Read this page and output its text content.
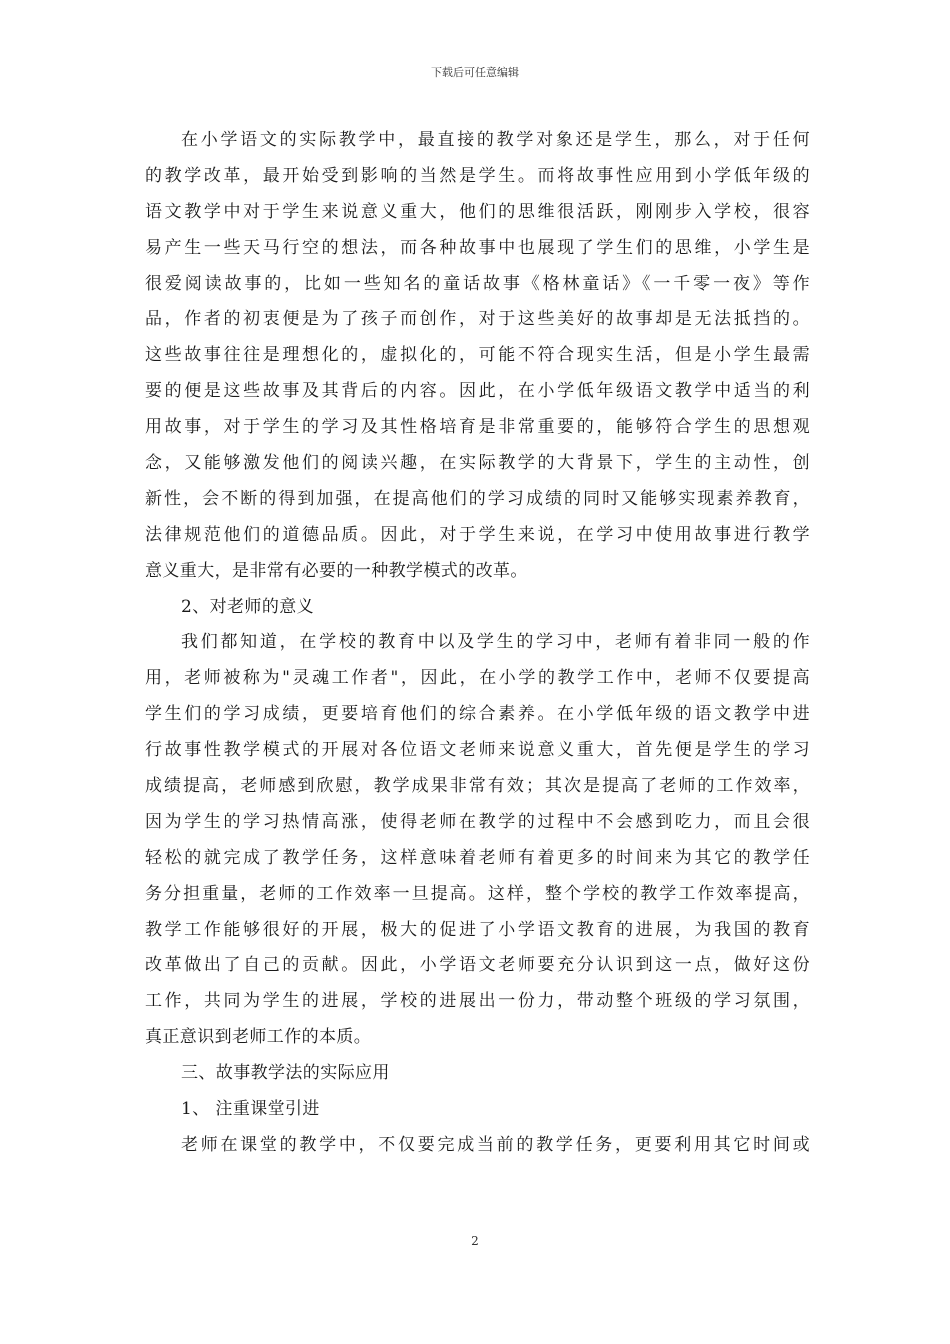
下载后可任意编辑
在小学语文的实际教学中，最直接的教学对象还是学生，那么，对于任何
的教学改革，最开始受到影响的当然是学生。而将故事性应用到小学低年级的
语文教学中对于学生来说意义重大，他们的思维很活跃，刚刚步入学校，很容
易产生一些天马行空的想法，而各种故事中也展现了学生们的思维，小学生是
很爱阅读故事的，比如一些知名的童话故事《格林童话》《一千零一夜》等作
品，作者的初衷便是为了孩子而创作，对于这些美好的故事却是无法抵挡的。
这些故事往往是理想化的，虚拟化的，可能不符合现实生活，但是小学生最需
要的便是这些故事及其背后的内容。因此，在小学低年级语文教学中适当的利
用故事，对于学生的学习及其性格培育是非常重要的，能够符合学生的思想观
念，又能够激发他们的阅读兴趣，在实际教学的大背景下，学生的主动性，创
新性，会不断的得到加强，在提高他们的学习成绩的同时又能够实现素养教育，
法律规范他们的道德品质。因此，对于学生来说，在学习中使用故事进行教学
意义重大，是非常有必要的一种教学模式的改革。
2、对老师的意义
我们都知道，在学校的教育中以及学生的学习中，老师有着非同一般的作
用，老师被称为"灵魂工作者"，因此，在小学的教学工作中，老师不仅要提高
学生们的学习成绩，更要培育他们的综合素养。在小学低年级的语文教学中进
行故事性教学模式的开展对各位语文老师来说意义重大，首先便是学生的学习
成绩提高，老师感到欣慰，教学成果非常有效；其次是提高了老师的工作效率，
因为学生的学习热情高涨，使得老师在教学的过程中不会感到吃力，而且会很
轻松的就完成了教学任务，这样意味着老师有着更多的时间来为其它的教学任
务分担重量，老师的工作效率一旦提高。这样，整个学校的教学工作效率提高，
教学工作能够很好的开展，极大的促进了小学语文教育的进展，为我国的教育
改革做出了自己的贡献。因此，小学语文老师要充分认识到这一点，做好这份
工作，共同为学生的进展，学校的进展出一份力，带动整个班级的学习氛围，
真正意识到老师工作的本质。
三、故事教学法的实际应用
1、 注重课堂引进
老师在课堂的教学中，不仅要完成当前的教学任务，更要利用其它时间或
2
